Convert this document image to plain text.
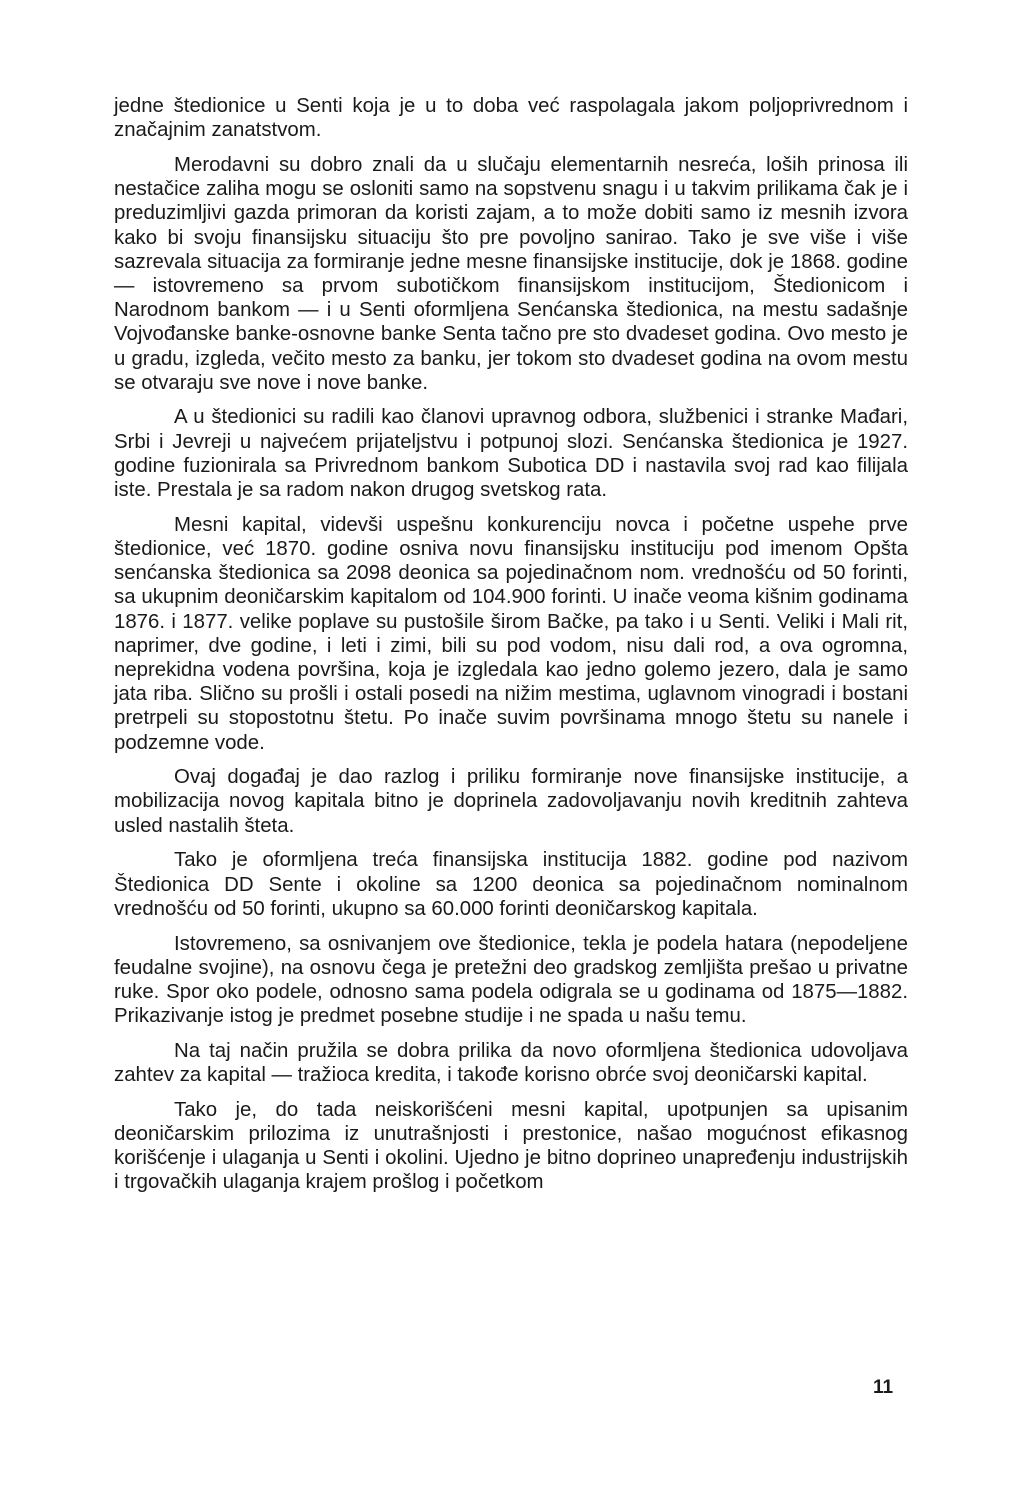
jedne štedionice u Senti koja je u to doba već raspolagala jakom poljoprivrednom i značajnim zanatstvom.

Merodavni su dobro znali da u slučaju elementarnih nesreća, loših prinosa ili nestačice zaliha mogu se osloniti samo na sopstvenu snagu i u takvim prilikama čak je i preduzimljivi gazda primoran da koristi zajam, a to može dobiti samo iz mesnih izvora kako bi svoju finansijsku situaciju što pre povoljno sanirao. Tako je sve više i više sazrevala situacija za formiranje jedne mesne finansijske institucije, dok je 1868. godine — istovremeno sa prvom subotičkom finansijskom institucijom, Štedionicom i Narodnom bankom — i u Senti oformljena Senćanska štedionica, na mestu sadašnje Vojvođanske banke-osnovne banke Senta tačno pre sto dvadeset godina. Ovo mesto je u gradu, izgleda, večito mesto za banku, jer tokom sto dvadeset godina na ovom mestu se otvaraju sve nove i nove banke.

A u štedionici su radili kao članovi upravnog odbora, službenici i stranke Mađari, Srbi i Jevreji u najvećem prijateljstvu i potpunoj slozi. Senćanska štedionica je 1927. godine fuzionirala sa Privrednom bankom Subotica DD i nastavila svoj rad kao filijala iste. Prestala je sa radom nakon drugog svetskog rata.

Mesni kapital, videvši uspešnu konkurenciju novca i početne uspehe prve štedionice, već 1870. godine osniva novu finansijsku instituciju pod imenom Opšta senćanska štedionica sa 2098 deonica sa pojedinačnom nom. vrednošću od 50 forinti, sa ukupnim deoničarskim kapitalom od 104.900 forinti. U inače veoma kišnim godinama 1876. i 1877. velike poplave su pustošile širom Bačke, pa tako i u Senti. Veliki i Mali rit, naprimer, dve godine, i leti i zimi, bili su pod vodom, nisu dali rod, a ova ogromna, neprekidna vodena površina, koja je izgledala kao jedno golemo jezero, dala je samo jata riba. Slično su prošli i ostali posedi na nižim mestima, uglavnom vinogradi i bostani pretrpeli su stopostotnu štetu. Po inače suvim površinama mnogo štetu su nanele i podzemne vode.

Ovaj događaj je dao razlog i priliku formiranje nove finansijske institucije, a mobilizacija novog kapitala bitno je doprinela zadovoljavanju novih kreditnih zahteva usled nastalih šteta.

Tako je oformljena treća finansijska institucija 1882. godine pod nazivom Štedionica DD Sente i okoline sa 1200 deonica sa pojedinačnom nominalnom vrednošću od 50 forinti, ukupno sa 60.000 forinti deoničarskog kapitala.

Istovremeno, sa osnivanjem ove štedionice, tekla je podela hatara (nepodeljene feudalne svojine), na osnovu čega je pretežni deo gradskog zemljišta prešao u privatne ruke. Spor oko podele, odnosno sama podela odigrala se u godinama od 1875—1882. Prikazivanje istog je predmet posebne studije i ne spada u našu temu.

Na taj način pružila se dobra prilika da novo oformljena štedionica udovoljava zahtev za kapital — tražioca kredita, i takođe korisno obrće svoj deoničarski kapital.

Tako je, do tada neiskorišćeni mesni kapital, upotpunjen sa upisanim deoničarskim prilozima iz unutrašnjosti i prestonice, našao mogućnost efikasnog korišćenje i ulaganja u Senti i okolini. Ujedno je bitno doprineo unapređenju industrijskih i trgovačkih ulaganja krajem prošlog i početkom

11
